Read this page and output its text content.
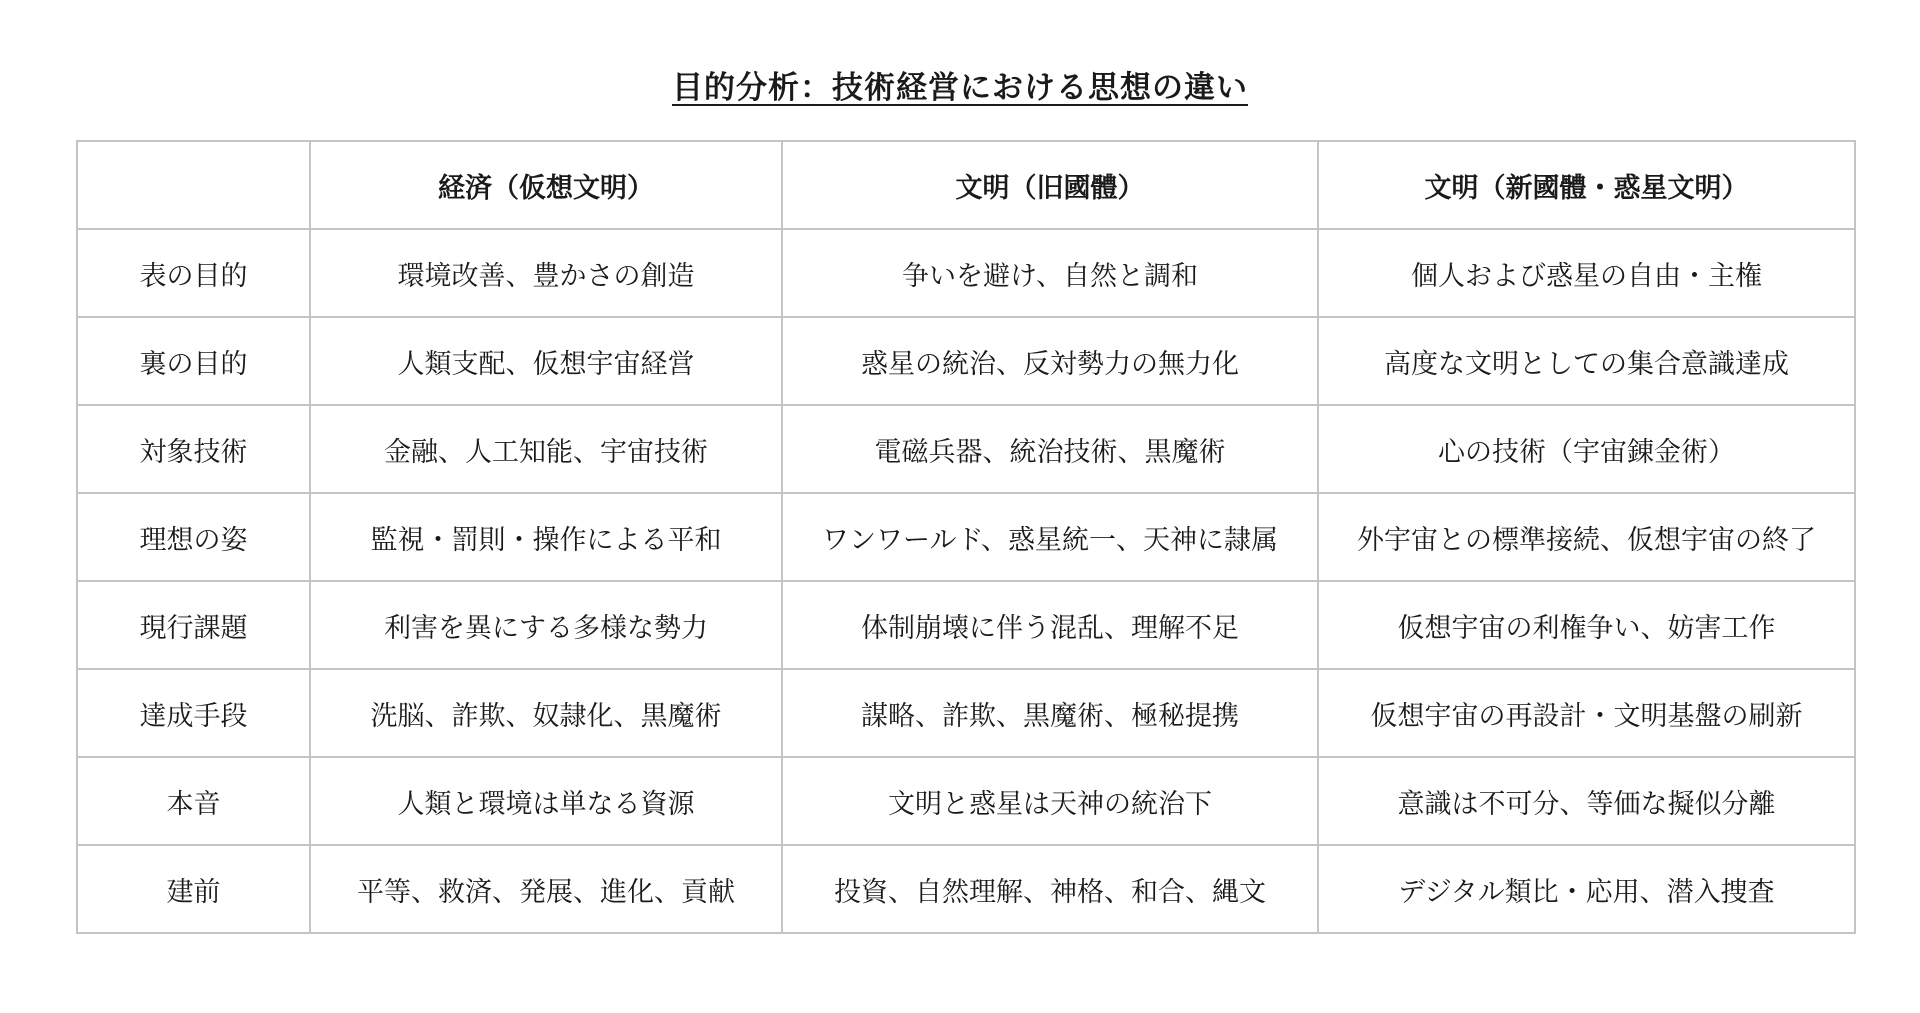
目的分析：技術経営における思想の違い
	経済（仮想文明）	文明（旧國體）	文明（新國體・惑星文明）
表の目的	環境改善、豊かさの創造	争いを避け、自然と調和	個人および惑星の自由・主権
裏の目的	人類支配、仮想宇宙経営	惑星の統治、反対勢力の無力化	高度な文明としての集合意識達成
対象技術	金融、人工知能、宇宙技術	電磁兵器、統治技術、黒魔術	心の技術（宇宙錬金術）
理想の姿	監視・罰則・操作による平和	ワンワールド、惑星統一、天神に隷属	外宇宙との標準接続、仮想宇宙の終了
現行課題	利害を異にする多様な勢力	体制崩壊に伴う混乱、理解不足	仮想宇宙の利権争い、妨害工作
達成手段	洗脳、詐欺、奴隷化、黒魔術	謀略、詐欺、黒魔術、極秘提携	仮想宇宙の再設計・文明基盤の刷新
本音	人類と環境は単なる資源	文明と惑星は天神の統治下	意識は不可分、等価な擬似分離
建前	平等、救済、発展、進化、貢献	投資、自然理解、神格、和合、縄文	デジタル類比・応用、潜入捜査
